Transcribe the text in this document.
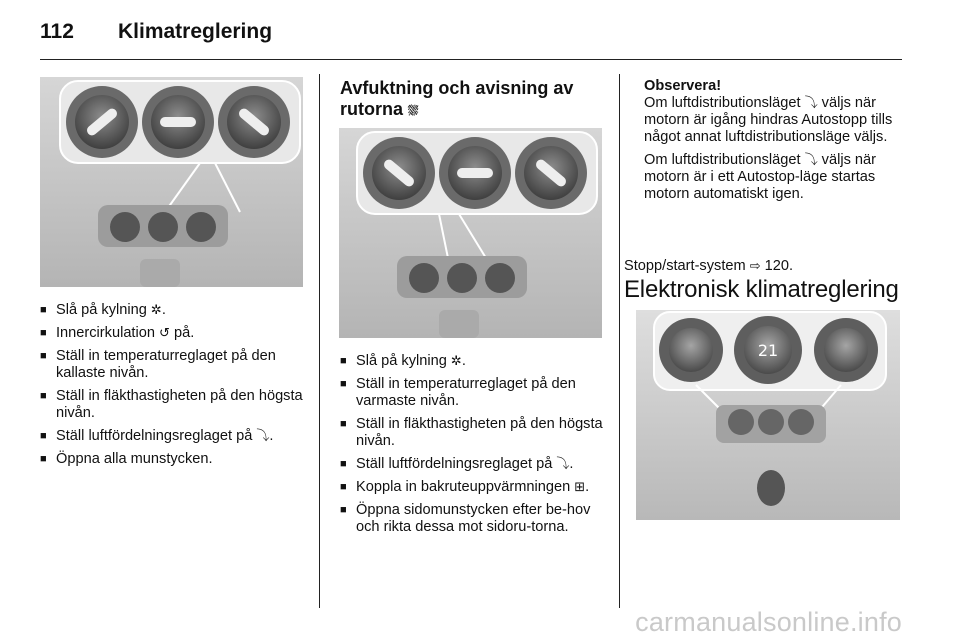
112 Klimatreglering
■ Slå på kylning ✲.
■ Innercirkulation ↺ på.
■ Ställ in temperaturreglaget på den kallaste nivån.
■ Ställ in fläkthastigheten på den högsta nivån.
■ Ställ luftfördelningsreglaget på ⤵.
■ Öppna alla munstycken.
Avfuktning och avisning av rutorna ⛆
■ Slå på kylning ✲.
■ Ställ in temperaturreglaget på den varmaste nivån.
■ Ställ in fläkthastigheten på den högsta nivån.
■ Ställ luftfördelningsreglaget på ⤵.
■ Koppla in bakruteuppvärmningen ⊞.
■ Öppna sidomunstycken efter be-hov och rikta dessa mot sidoru-torna.
Observera!

Om luftdistributionsläget ⤵ väljs när motorn är igång hindras Autostopp tills något annat luftdistributionsläge väljs.

Om luftdistributionsläget ⤵ väljs när motorn är i ett Autostop-läge startas motorn automatiskt igen.

Stopp/start-system ⇨ 120.
Elektronisk klimatreglering
21
carmanualsonline.info
